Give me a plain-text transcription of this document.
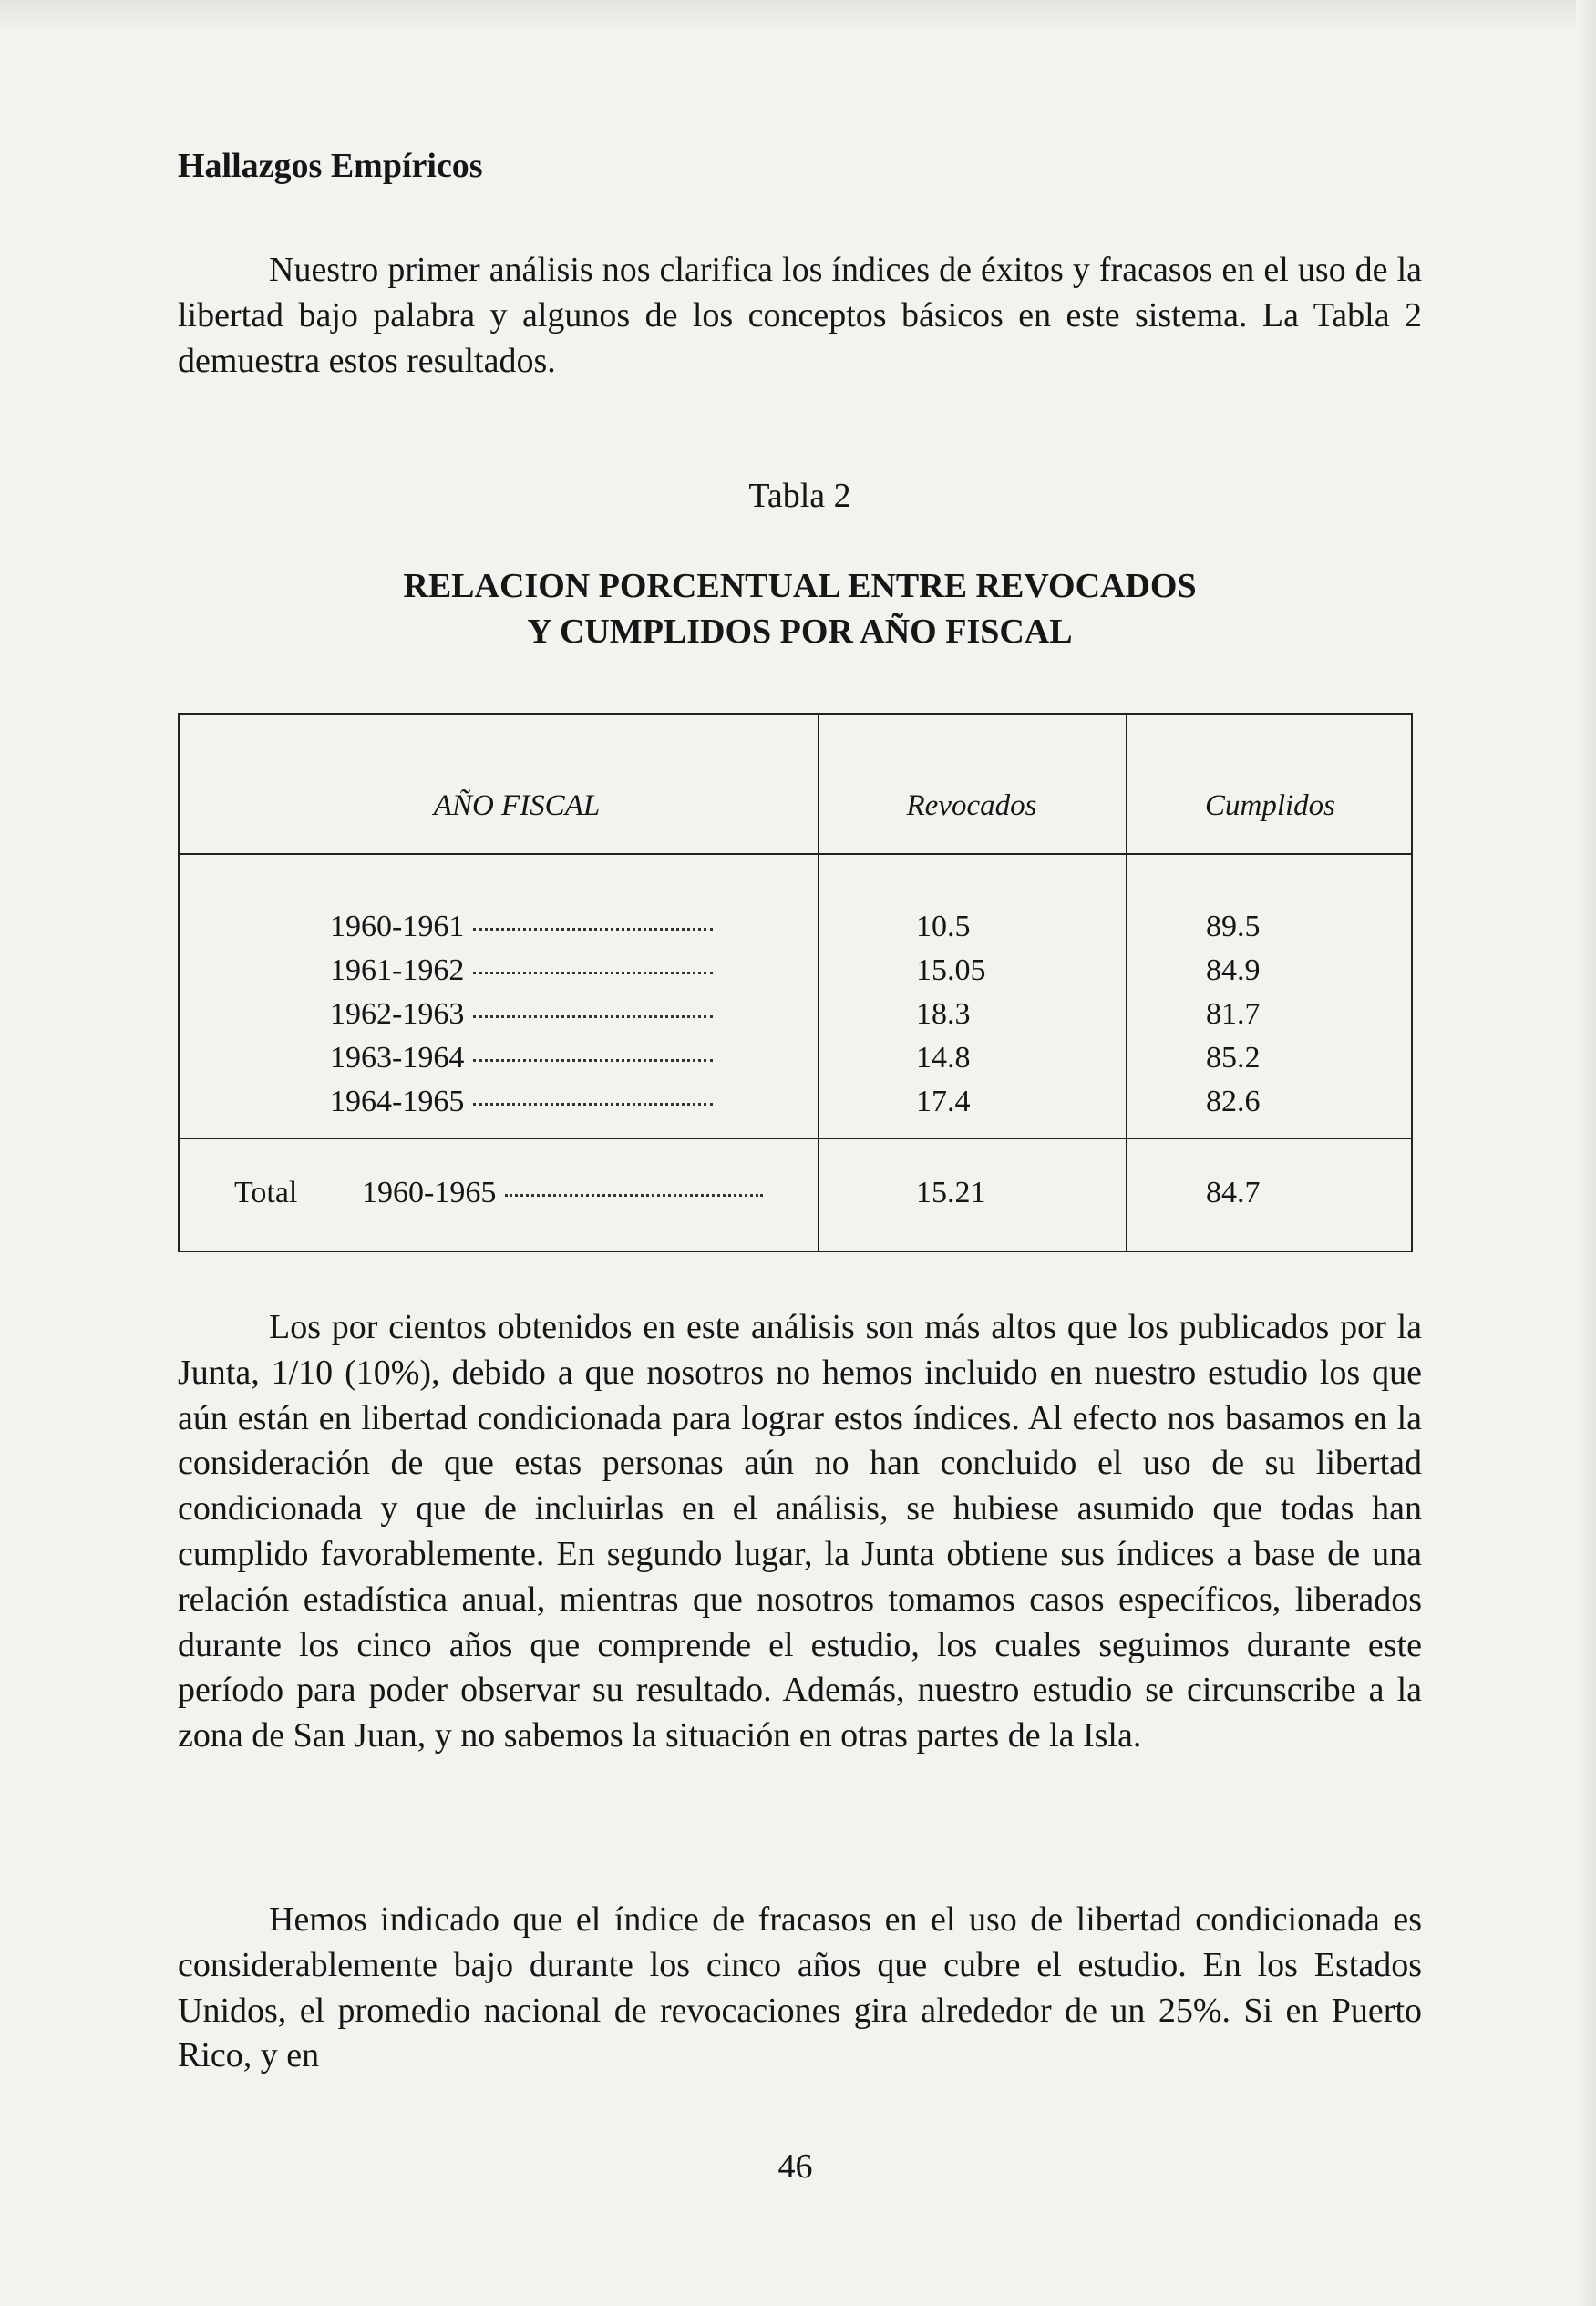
Hallazgos Empíricos

Nuestro primer análisis nos clarifica los índices de éxitos y fracasos en el uso de la libertad bajo palabra y algunos de los conceptos básicos en este sistema. La Tabla 2 demuestra estos resultados.

Tabla 2

RELACION PORCENTUAL ENTRE REVOCADOS
Y CUMPLIDOS POR AÑO FISCAL
AÑO FISCAL	Revocados	Cumplidos
1960-1961	10.5	89.5
1961-1962	15.05	84.9
1962-1963	18.3	81.7
1963-1964	14.8	85.2
1964-1965	17.4	82.6
Total 1960-1965	15.21	84.7

Los por cientos obtenidos en este análisis son más altos que los publicados por la Junta, 1/10 (10%), debido a que nosotros no hemos incluido en nuestro estudio los que aún están en libertad condicionada para lograr estos índices. Al efecto nos basamos en la consideración de que estas personas aún no han concluido el uso de su libertad condicionada y que de incluirlas en el análisis, se hubiese asumido que todas han cumplido favorablemente. En segundo lugar, la Junta obtiene sus índices a base de una relación estadística anual, mientras que nosotros tomamos casos específicos, liberados durante los cinco años que comprende el estudio, los cuales seguimos durante este período para poder observar su resultado. Además, nuestro estudio se circunscribe a la zona de San Juan, y no sabemos la situación en otras partes de la Isla.

Hemos indicado que el índice de fracasos en el uso de libertad condicionada es considerablemente bajo durante los cinco años que cubre el estudio. En los Estados Unidos, el promedio nacional de revocaciones gira alrededor de un 25%. Si en Puerto Rico, y en

46
